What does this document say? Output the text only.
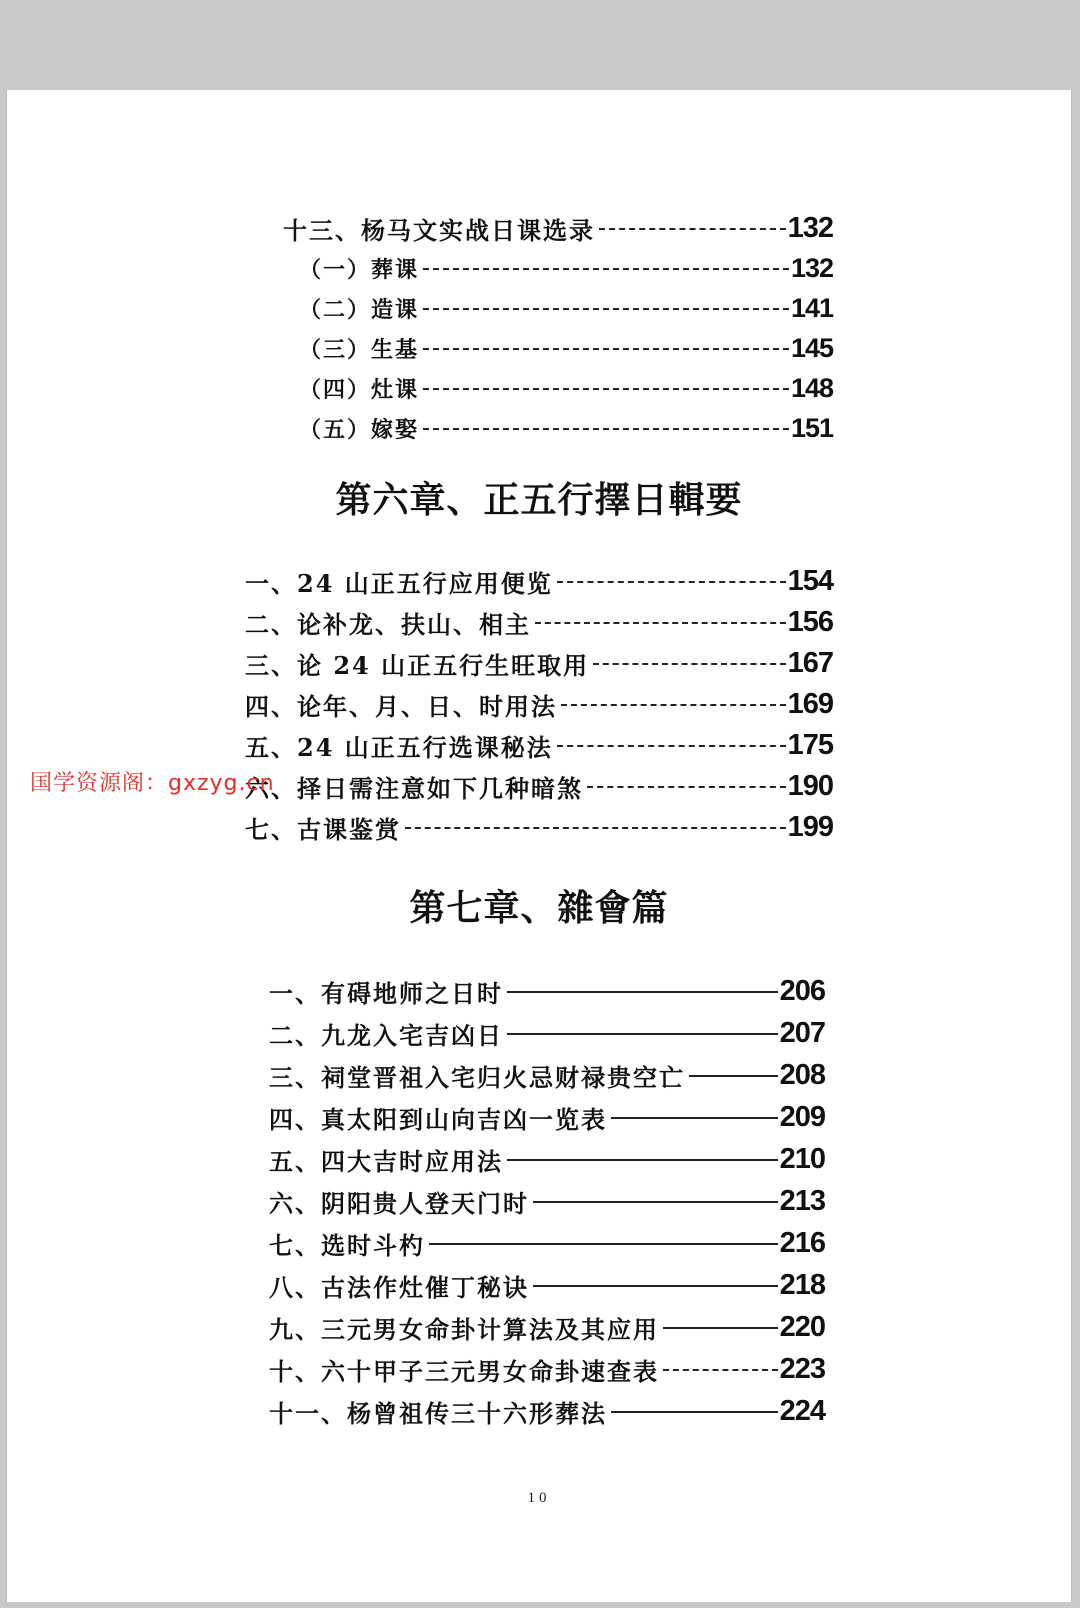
十三、杨马文实战日课选录	132
（一）葬课	132
（二）造课	141
（三）生基	145
（四）灶课	148
（五）嫁娶	151
第六章、正五行擇日輯要
一、24 山正五行应用便览	154
二、论补龙、扶山、相主	156
三、论 24 山正五行生旺取用	167
四、论年、月、日、时用法	169
五、24 山正五行选课秘法	175
六、择日需注意如下几种暗煞	190
七、古课鉴赏	199
第七章、雜會篇
一、有碍地师之日时	206
二、九龙入宅吉凶日	207
三、祠堂晋祖入宅归火忌财禄贵空亡	208
四、真太阳到山向吉凶一览表	209
五、四大吉时应用法	210
六、阴阳贵人登天门时	213
七、选时斗杓	216
八、古法作灶催丁秘诀	218
九、三元男女命卦计算法及其应用	220
十、六十甲子三元男女命卦速查表	223
十一、杨曾祖传三十六形葬法	224
10
国学资源阁：gxzyg.cn
